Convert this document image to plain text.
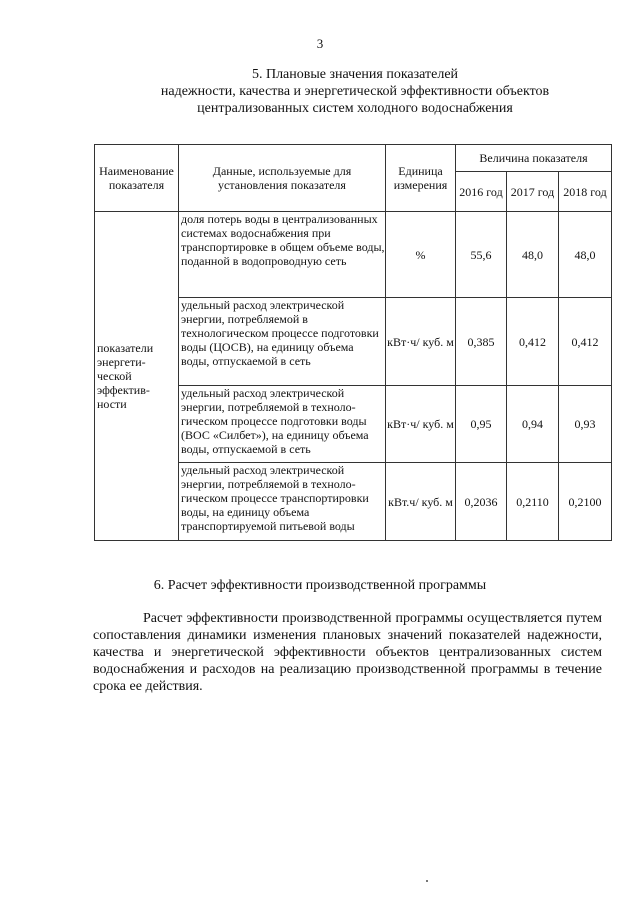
3
5. Плановые значения показателей
надежности, качества и энергетической эффективности объектов
централизованных систем холодного водоснабжения
Наименование показателя	Данные, используемые для установления показателя	Единица измерения	Величина показателя		
			2016 год	2017 год	2018 год
показатели энергети-ческой эффектив-ности	доля потерь воды в централизованных системах водоснабжения при транспортировке в общем объеме воды, поданной в водопроводную сеть	%	55,6	48,0	48,0
	удельный расход электрической энергии, потребляемой в технологическом процессе подготовки воды (ЦОСВ), на единицу объема воды, отпускаемой в сеть	кВт·ч/ куб. м	0,385	0,412	0,412
	удельный расход электрической энергии, потребляемой в техноло-гическом процессе подготовки воды (ВОС «Силбет»), на единицу объема воды, отпускаемой в сеть	кВт·ч/ куб. м	0,95	0,94	0,93
	удельный расход электрической энергии, потребляемой в техноло-гическом процессе транспортировки воды, на единицу объема транспортируемой питьевой воды	кВт.ч/ куб. м	0,2036	0,2110	0,2100
6. Расчет эффективности производственной программы
Расчет эффективности производственной программы осуществляется путем сопоставления динамики изменения плановых значений показателей надежности, качества и энергетической эффективности объектов централизованных систем водоснабжения и расходов на реализацию производственной программы в течение срока ее действия.
